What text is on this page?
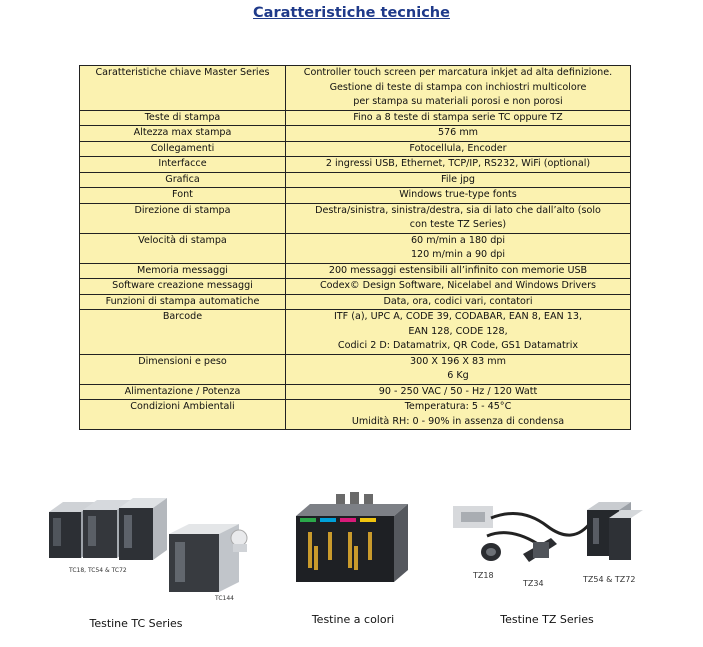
Caratteristiche tecniche
Caratteristiche chiave Master Series	Controller touch screen per marcatura inkjet ad alta definizione.
Gestione di teste di stampa con inchiostri multicolore
per stampa su materiali porosi e non porosi

Teste di stampa	Fino a 8 teste di stampa serie TC oppure TZ

Altezza max stampa	576 mm

Collegamenti	Fotocellula, Encoder

Interfacce	2 ingressi USB, Ethernet, TCP/IP, RS232, WiFi (optional)

Grafica	File jpg

Font	Windows true-type fonts

Direzione di stampa	Destra/sinistra, sinistra/destra, sia di lato che dall’alto (solo
con teste TZ Series)

Velocità di stampa	60 m/min a 180 dpi
120 m/min a 90 dpi

Memoria messaggi	200 messaggi estensibili all’infinito con memorie USB

Software creazione messaggi	Codex© Design Software, Nicelabel and Windows Drivers

Funzioni di stampa automatiche	Data, ora, codici vari, contatori

Barcode	ITF (a), UPC A, CODE 39, CODABAR, EAN 8, EAN 13,
EAN 128, CODE 128,
Codici 2 D: Datamatrix, QR Code, GS1 Datamatrix

Dimensioni e peso	300 X 196 X 83 mm
6 Kg

Alimentazione / Potenza	90 - 250 VAC / 50 - Hz / 120 Watt

Condizioni Ambientali	Temperatura: 5 - 45°C
Umidità RH: 0 - 90% in assenza di condensa
TC18, TC54 & TC72
TC144
Testine TC Series	Testine a colori
TZ18
TZ34	TZ54 & TZ72
Testine TZ Series
